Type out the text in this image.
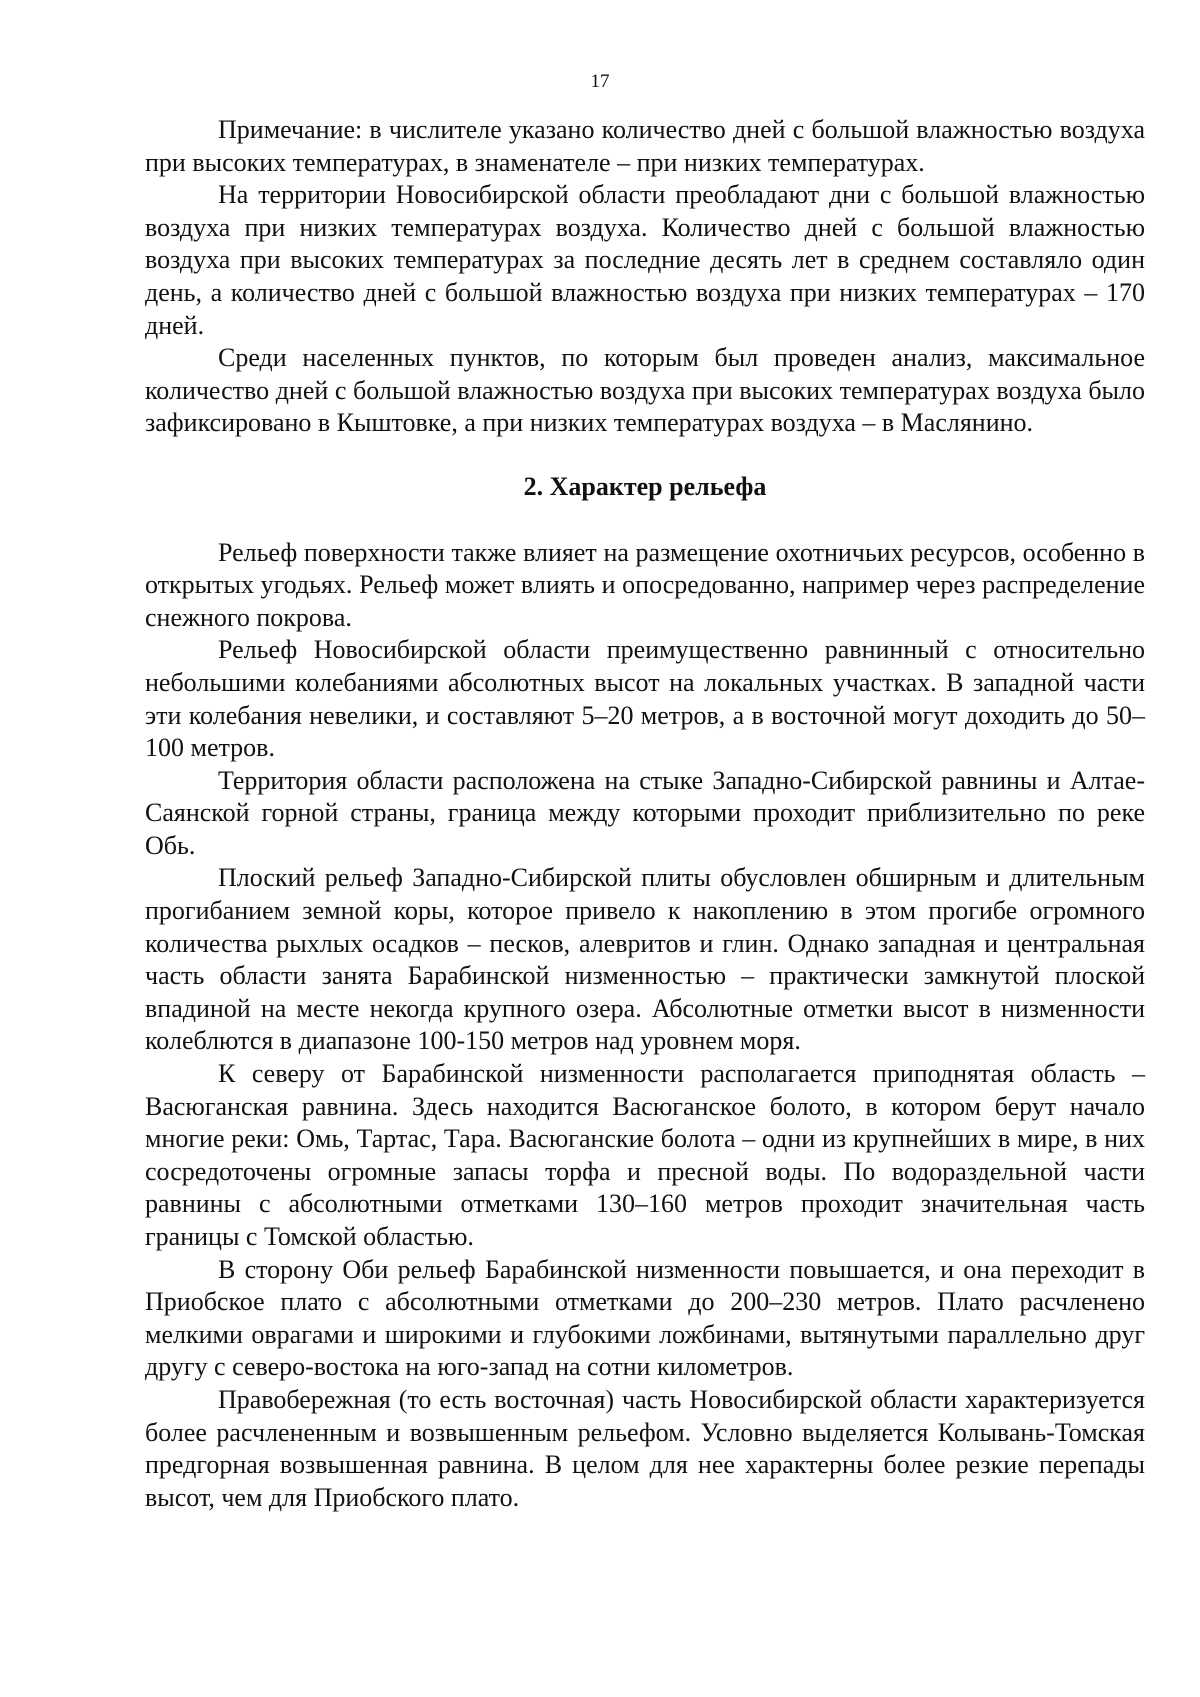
17

Примечание: в числителе указано количество дней с большой влажностью воздуха при высоких температурах, в знаменателе – при низких температурах.

На территории Новосибирской области преобладают дни с большой влажностью воздуха при низких температурах воздуха. Количество дней с большой влажностью воздуха при высоких температурах за последние десять лет в среднем составляло один день, а количество дней с большой влажностью воздуха при низких температурах – 170 дней.

Среди населенных пунктов, по которым был проведен анализ, максимальное количество дней с большой влажностью воздуха при высоких температурах воздуха было зафиксировано в Кыштовке, а при низких температурах воздуха – в Маслянино.

2. Характер рельефа

Рельеф поверхности также влияет на размещение охотничьих ресурсов, особенно в открытых угодьях. Рельеф может влиять и опосредованно, например через распределение снежного покрова.

Рельеф Новосибирской области преимущественно равнинный с относительно небольшими колебаниями абсолютных высот на локальных участках. В западной части эти колебания невелики, и составляют 5–20 метров, а в восточной могут доходить до 50–100 метров.

Территория области расположена на стыке Западно-Сибирской равнины и Алтае-Саянской горной страны, граница между которыми проходит приблизительно по реке Обь.

Плоский рельеф Западно-Сибирской плиты обусловлен обширным и длительным прогибанием земной коры, которое привело к накоплению в этом прогибе огромного количества рыхлых осадков – песков, алевритов и глин. Однако западная и центральная часть области занята Барабинской низменностью – практически замкнутой плоской впадиной на месте некогда крупного озера. Абсолютные отметки высот в низменности колеблются в диапазоне 100-150 метров над уровнем моря.

К северу от Барабинской низменности располагается приподнятая область – Васюганская равнина. Здесь находится Васюганское болото, в котором берут начало многие реки: Омь, Тартас, Тара. Васюганские болота – одни из крупнейших в мире, в них сосредоточены огромные запасы торфа и пресной воды. По водораздельной части равнины с абсолютными отметками 130–160 метров проходит значительная часть границы с Томской областью.

В сторону Оби рельеф Барабинской низменности повышается, и она переходит в Приобское плато с абсолютными отметками до 200–230 метров. Плато расчленено мелкими оврагами и широкими и глубокими ложбинами, вытянутыми параллельно друг другу с северо-востока на юго-запад на сотни километров.

Правобережная (то есть восточная) часть Новосибирской области характеризуется более расчлененным и возвышенным рельефом. Условно выделяется Колывань-Томская предгорная возвышенная равнина. В целом для нее характерны более резкие перепады высот, чем для Приобского плато.
